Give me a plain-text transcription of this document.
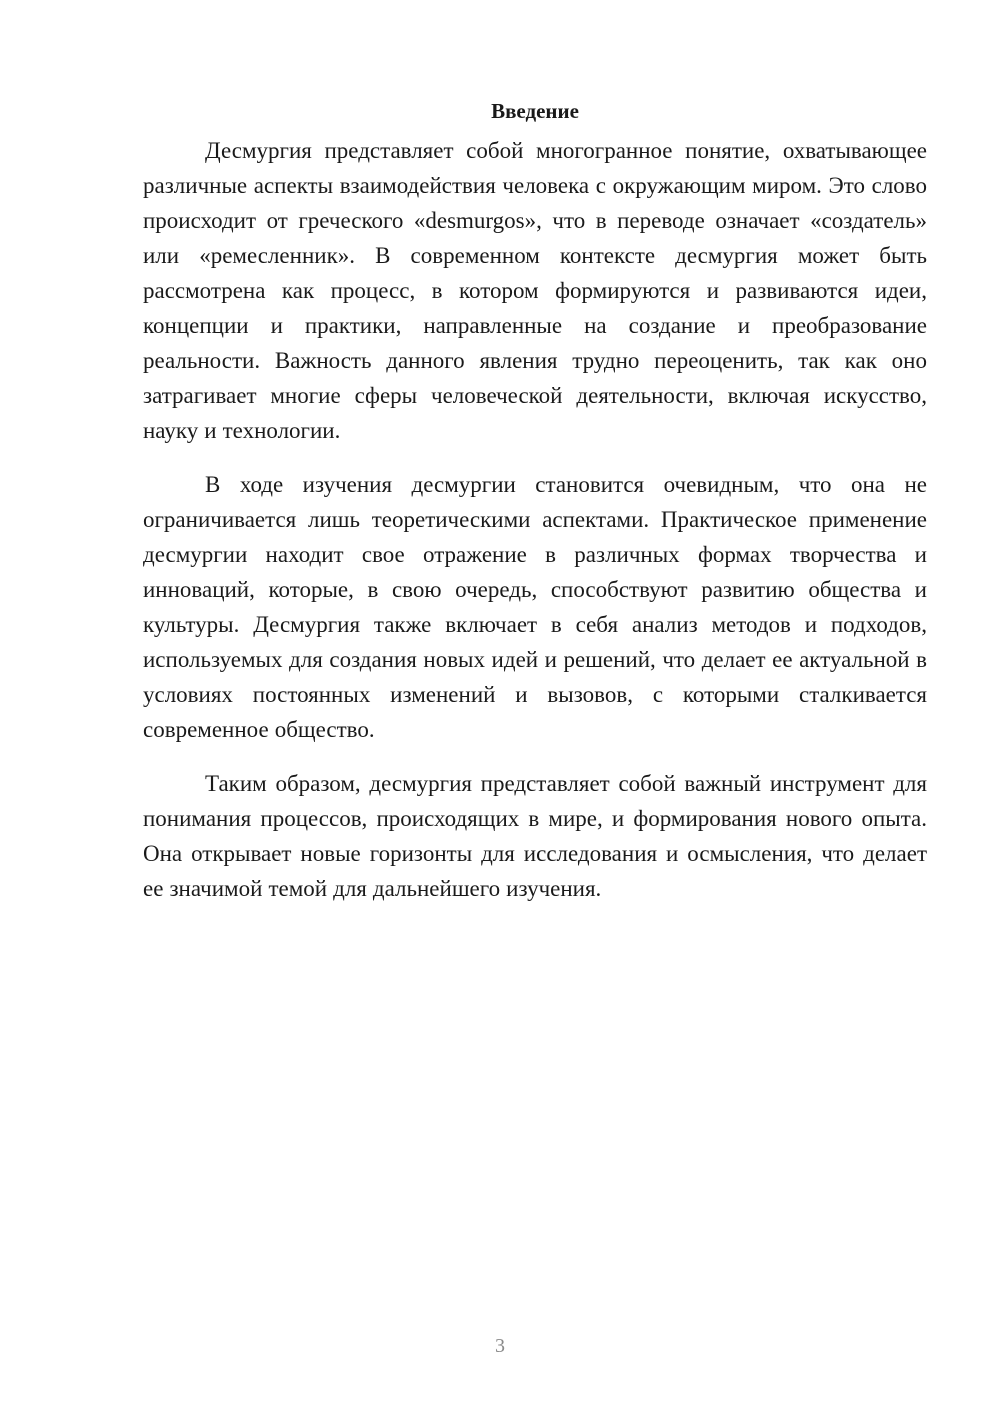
Введение

Десмургия представляет собой многогранное понятие, охватывающее различные аспекты взаимодействия человека с окружающим миром. Это слово происходит от греческого «desmurgos», что в переводе означает «создатель» или «ремесленник». В современном контексте десмургия может быть рассмотрена как процесс, в котором формируются и развиваются идеи, концепции и практики, направленные на создание и преобразование реальности. Важность данного явления трудно переоценить, так как оно затрагивает многие сферы человеческой деятельности, включая искусство, науку и технологии.

В ходе изучения десмургии становится очевидным, что она не ограничивается лишь теоретическими аспектами. Практическое применение десмургии находит свое отражение в различных формах творчества и инноваций, которые, в свою очередь, способствуют развитию общества и культуры. Десмургия также включает в себя анализ методов и подходов, используемых для создания новых идей и решений, что делает ее актуальной в условиях постоянных изменений и вызовов, с которыми сталкивается современное общество.

Таким образом, десмургия представляет собой важный инструмент для понимания процессов, происходящих в мире, и формирования нового опыта. Она открывает новые горизонты для исследования и осмысления, что делает ее значимой темой для дальнейшего изучения.

3
